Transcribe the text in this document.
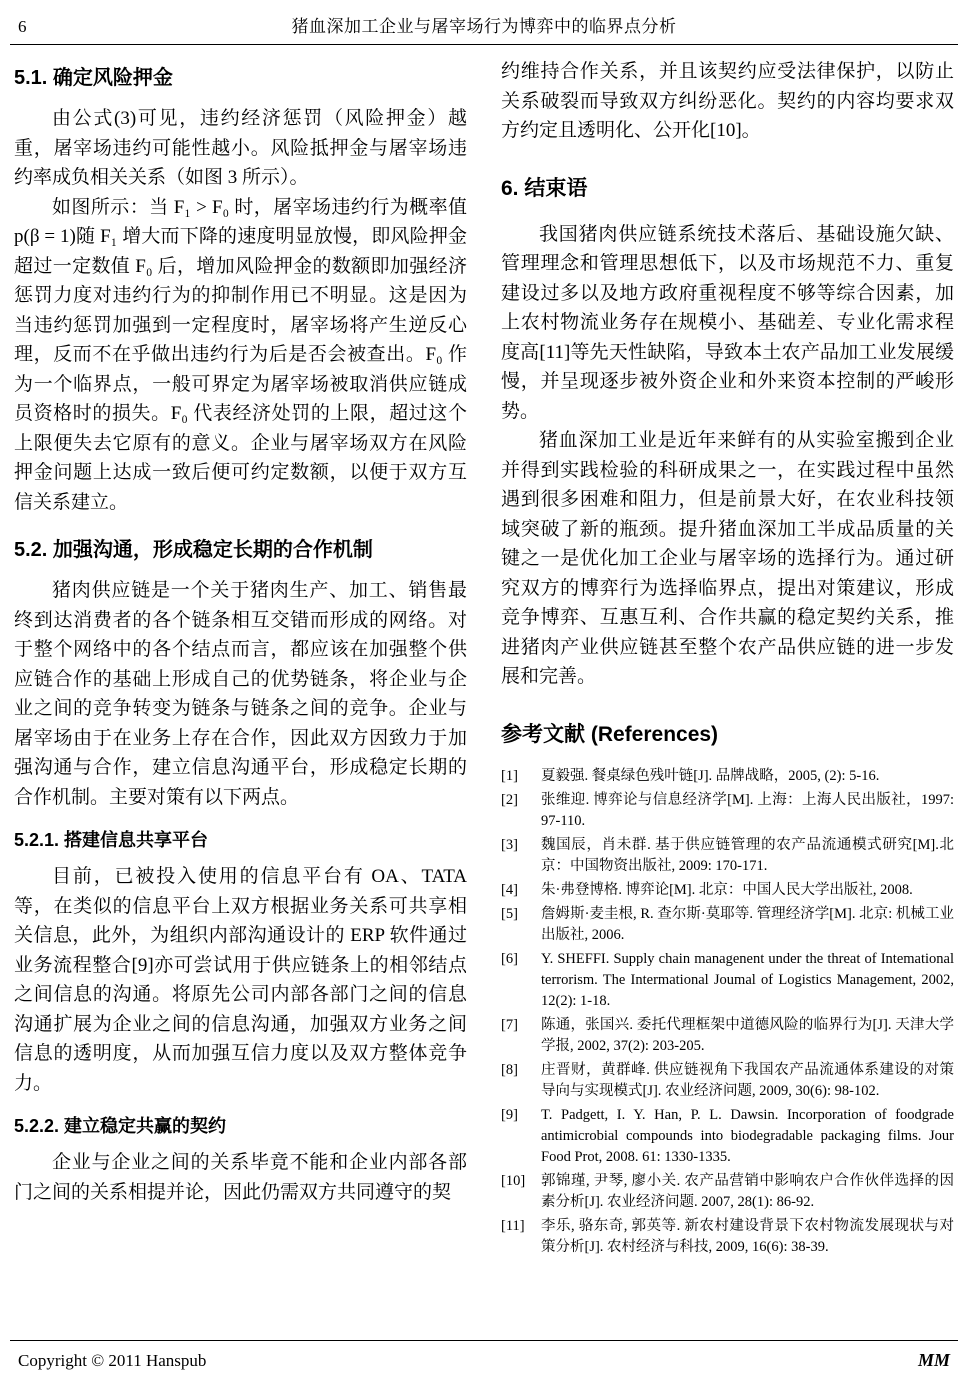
6	猪血深加工企业与屠宰场行为博弈中的临界点分析
5.1. 确定风险押金

由公式(3)可见，违约经济惩罚（风险押金）越重，屠宰场违约可能性越小。风险抵押金与屠宰场违约率成负相关关系（如图 3 所示）。

如图所示：当 F₁ > F₀ 时，屠宰场违约行为概率值 p(β = 1)随 F₁ 增大而下降的速度明显放慢，即风险押金超过一定数值 F₀ 后，增加风险押金的数额即加强经济惩罚力度对违约行为的抑制作用已不明显。这是因为当违约惩罚加强到一定程度时，屠宰场将产生逆反心理，反而不在乎做出违约行为后是否会被查出。F₀ 作为一个临界点，一般可界定为屠宰场被取消供应链成员资格时的损失。F₀ 代表经济处罚的上限，超过这个上限便失去它原有的意义。企业与屠宰场双方在风险押金问题上达成一致后便可约定数额，以便于双方互信关系建立。

5.2. 加强沟通，形成稳定长期的合作机制

猪肉供应链是一个关于猪肉生产、加工、销售最终到达消费者的各个链条相互交错而形成的网络。对于整个网络中的各个结点而言，都应该在加强整个供应链合作的基础上形成自己的优势链条，将企业与企业之间的竞争转变为链条与链条之间的竞争。企业与屠宰场由于在业务上存在合作，因此双方因致力于加强沟通与合作，建立信息沟通平台，形成稳定长期的合作机制。主要对策有以下两点。

5.2.1. 搭建信息共享平台

目前，已被投入使用的信息平台有 OA、TATA 等，在类似的信息平台上双方根据业务关系可共享相关信息，此外，为组织内部沟通设计的 ERP 软件通过业务流程整合[9]亦可尝试用于供应链条上的相邻结点之间信息的沟通。将原先公司内部各部门之间的信息沟通扩展为企业之间的信息沟通，加强双方业务之间信息的透明度，从而加强互信力度以及双方整体竞争力。

5.2.2. 建立稳定共赢的契约

企业与企业之间的关系毕竟不能和企业内部各部门之间的关系相提并论，因此仍需双方共同遵守的契

约维持合作关系，并且该契约应受法律保护，以防止关系破裂而导致双方纠纷恶化。契约的内容均要求双方约定且透明化、公开化[10]。

6. 结束语

我国猪肉供应链系统技术落后、基础设施欠缺、管理理念和管理思想低下，以及市场规范不力、重复建设过多以及地方政府重视程度不够等综合因素，加上农村物流业务存在规模小、基础差、专业化需求程度高[11]等先天性缺陷，导致本土农产品加工业发展缓慢，并呈现逐步被外资企业和外来资本控制的严峻形势。

猪血深加工业是近年来鲜有的从实验室搬到企业并得到实践检验的科研成果之一，在实践过程中虽然遇到很多困难和阻力，但是前景大好，在农业科技领域突破了新的瓶颈。提升猪血深加工半成品质量的关键之一是优化加工企业与屠宰场的选择行为。通过研究双方的博弈行为选择临界点，提出对策建议，形成竞争博弈、互惠互利、合作共赢的稳定契约关系，推进猪肉产业供应链甚至整个农产品供应链的进一步发展和完善。

参考文献 (References)
[1]	夏毅强. 餐桌绿色残叶链[J]. 品牌战略，2005, (2): 5-16.
[2]	张维迎. 博弈论与信息经济学[M]. 上海：上海人民出版社，1997: 97-110.
[3]	魏国辰，肖未群. 基于供应链管理的农产品流通模式研究[M].北京：中国物资出版社, 2009: 170-171.
[4]	朱·弗登博格. 博弈论[M]. 北京：中国人民大学出版社, 2008.
[5]	詹姆斯·麦圭根, R. 查尔斯·莫耶等. 管理经济学[M]. 北京: 机械工业出版社, 2006.
[6]	Y. SHEFFI. Supply chain managenent under the threat of Intemational terrorism. The Intermational Joumal of Logistics Management, 2002, 12(2): 1-18.
[7]	陈通，张国兴. 委托代理框架中道德风险的临界行为[J]. 天津大学学报, 2002, 37(2): 203-205.
[8]	庄晋财，黄群峰. 供应链视角下我国农产品流通体系建设的对策导向与实现模式[J]. 农业经济问题, 2009, 30(6): 98-102.
[9]	T. Padgett, I. Y. Han, P. L. Dawsin. Incorporation of foodgrade antimicrobial compounds into biodegradable packaging films. Jour Food Prot, 2008. 61: 1330-1335.
[10]	郭锦瑾, 尹琴, 廖小关. 农产品营销中影响农户合作伙伴选择的因素分析[J]. 农业经济问题. 2007, 28(1): 86-92.
[11]	李乐, 骆东奇, 郭英等. 新农村建设背景下农村物流发展现状与对策分析[J]. 农村经济与科技, 2009, 16(6): 38-39.
Copyright © 2011 Hanspub	MM
